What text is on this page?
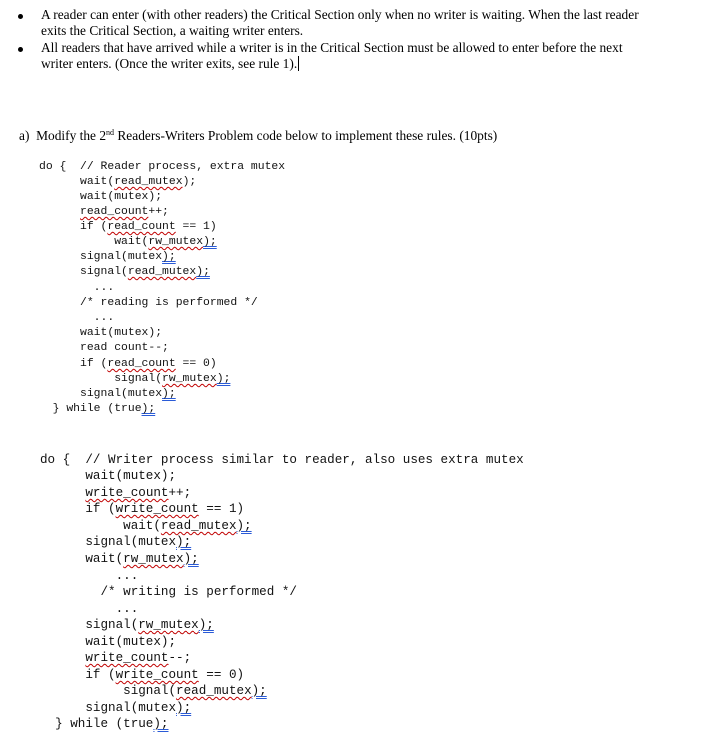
A reader can enter (with other readers) the Critical Section only when no writer is waiting. When the last reader
exits the Critical Section, a waiting writer enters.
All readers that have arrived while a writer is in the Critical Section must be allowed to enter before the next
writer enters. (Once the writer exits, see rule 1).
a)  Modify the 2nd Readers-Writers Problem code below to implement these rules. (10pts)
do {  // Reader process, extra mutex
wait(read_mutex);
wait(mutex);
read_count++;
if (read_count == 1)
wait(rw_mutex);
signal(mutex);
signal(read_mutex);
...
/* reading is performed */
...
wait(mutex);
read count--;
if (read_count == 0)
signal(rw_mutex);
signal(mutex);
} while (true);
do {  // Writer process similar to reader, also uses extra mutex
wait(mutex);
write_count++;
if (write_count == 1)
wait(read_mutex);
signal(mutex);
wait(rw_mutex);
...
/* writing is performed */
...
signal(rw_mutex);
wait(mutex);
write_count--;
if (write_count == 0)
signal(read_mutex);
signal(mutex);
} while (true);
